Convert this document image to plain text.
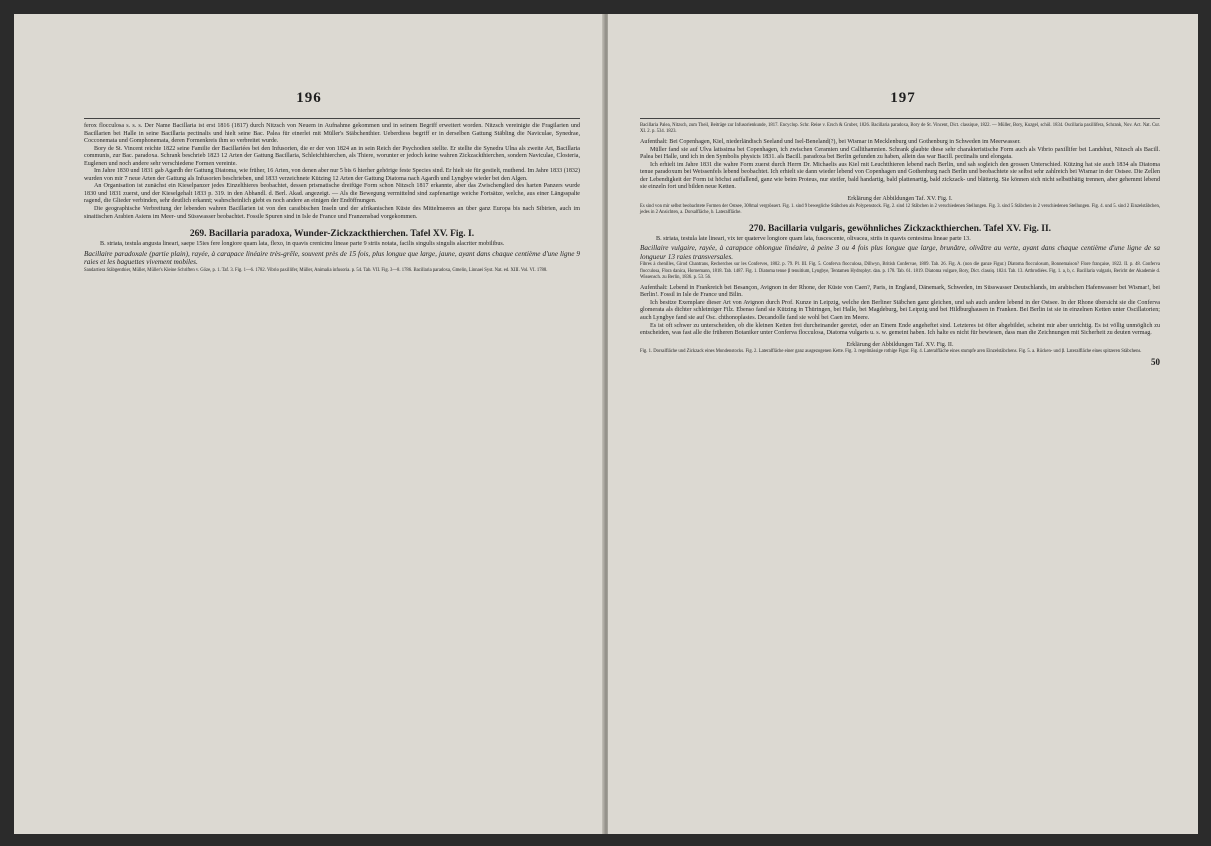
196

ferox flocculosa s. s. s. Der Name Bacillaria ist erst 1816 (1817) durch Nitzsch von Neuem in Aufnahme gekommen und in seinem Begriff erweitert worden. Nitzsch vereinigte die Fragilarien und Bacillarien bei Halle in seine Bacillaria pectinalis und hielt seine Bac. Palea für einerlei mit Müller's Stäbchenthier. Ueberdiess begriff er in derselben Gattung Stäbling die Naviculae, Synedrae, Cocconemata und Gomphonemata, deren Formenkreis ihm so verbreitet wurde.

Bory de St. Vincent reichte 1822 seine Familie der Bacillariées bei den Infusorien, die er der von 1824 an in sein Reich der Psychodien stellte. Er stellte die Synedra Ulna als zweite Art, Bacillaria communis, zur Bac. paradoxa. Schrank beschrieb 1823 12 Arten der Gattung Bacillaria, Schleichthierchen, als Thiere, worunter er jedoch keine wahren Zickzackthierchen, sondern Naviculae, Closteria, Euglenen und noch andere sehr verschiedene Formen vereinte.

Im Jahre 1830 und 1831 gab Agardh der Gattung Diatoma, wie früher, 16 Arten, von denen aber nur 5 bis 6 hierher gehörige feste Species sind. Er hielt sie für gestielt, muthend. Im Jahre 1833 (1832) wurden von mir 7 neue Arten der Gattung als Infusorien beschrieben, und 1833 verzeichnete Kützing 12 Arten der Gattung Diatoma nach Agardh und Lyngbye wieder bei den Algen.

An Organisation ist zunächst ein Kieselpanzer jedes Einzelthieres beobachtet, dessen prismatische dreifüge Form schon Nitzsch 1817 erkannte, aber das Zwischenglied des harten Panzers wurde 1830 und 1831 zuerst, und der Kieselgehalt 1833 p. 319. in den Abhandl. d. Berl. Akad. angezeigt. — Als die Bewegung vermittelnd sind zapfenartige weiche Fortsätze, welche, aus einer Längsspalte ragend, die Glieder verbinden, sehr deutlich erkannt; wahrscheinlich giebt es noch andere an einigen der Endöffnungen.

Die geographische Verbreitung der lebenden wahren Bacillarien ist von den caraibischen Inseln und der afrikanischen Küste des Mittelmeeres an über ganz Europa bis nach Sibirien, auch im sinaitischen Arabien Asiens im Meer- und Süsswasser beobachtet. Fossile Spuren sind in Isle de France und Franzensbad vorgekommen.

269. Bacillaria paradoxa, Wunder-Zickzackthierchen. Tafel XV. Fig. I.

B. striata, testula angusta lineari, saepe 15ies fere longiore quam lata, flexo, in quavis crenicinu lineae parte 9 striis notata, facilis singulis singulis alacriter mobilibus.

Bacillaire paradoxale (partie plain), rayée, à carapace linéaire très-grêle, souvent près de 15 fois, plus longue que large, jaune, ayant dans chaque centième d'une ligne 9 raies et les baguettes vivement mobiles.

Sandartiera Stäbgenthier, Müller, Müller's Kleine Schriften v. Göze, p. 1. Taf. 3. Fig. 1—6. 1782. Vibrio paxillifer, Müller, Animalia infusoria. p. 54. Tab. VII. Fig. 3—8. 1786. Bacillaria paradoxa, Gmelin, Linnaei Syst. Nat. ed. XIII. Vol. VI. 1788.

197

Bacillaria Palea, Nitzsch, zum Theil, Beiträge zur Infusorienkunde, 1817. Encyclop. Schr. Reise v. Ersch & Gruber, 1826. Bacillaria paradoxa, Bory de St. Vincent, Dict. classique, 1822. — Müller, Bory, Kuzgel, schöl. 1834. Oscillaria paxillifera, Schrank, Nov. Act. Nat. Cur. XI. 2. p. 534. 1823.

Aufenthalt: Bei Copenhagen, Kiel, niederländisch Seeland und Isel-Beneland(?), bei Wismar in Mecklenburg und Gothenburg in Schweden im Meerwasser.

Müller fand sie auf Ulva latissima bei Copenhagen, ich zwischen Ceramien und Callithamnien. Schrank glaubte diese sehr charakteristische Form auch als Vibrio paxillifer bei Landshut, Nitzsch als Bacill. Palea bei Halle, und ich in den Symbolis physicis 1831. als Bacill. paradoxa bei Berlin gefunden zu haben, allein das war Bacill. pectinalis und elongata.

Ich erhielt im Jahre 1831 die wahre Form zuerst durch Herrn Dr. Michaelis aus Kiel mit Leuchtthieren lebend nach Berlin, und sah sogleich den grossen Unterschied. Kützing hat sie auch 1834 als Diatoma tenue paradoxum bei Weissenfels lebend beobachtet. Ich erhielt sie dann wieder lebend von Copenhagen und Gothenburg nach Berlin und beobachtete sie selbst sehr zahlreich bei Wismar in der Ostsee. Die Zellen der Lebendigkeit der Form ist höchst auffallend, ganz wie beim Proteus, nur steifer, bald handartig, bald plattenartig, bald zickzack- und blätterig. Sie können sich nicht selbstthätig trennen, aber gehemmt lebend sie einzeln fort und bilden neue Ketten.

Erklärung der Abbildungen Taf. XV. Fig. I.

Es sind von mir selbst beobachtete Formen der Ostsee, 300mal vergrössert. Fig. 1. sind 9 bewegliche Stäbchen als Polypenstock. Fig. 2. sind 12 Stäbchen in 2 verschiedenen Stellungen. Fig. 3. sind 5 Stäbchen in 2 verschiedenen Stellungen. Fig. 4. und 5. sind 2 Einzelstäbchen, jedes in 2 Ansichten, a. Dorsalfläche, b. Lateralfläche.

270. Bacillaria vulgaris, gewöhnliches Zickzackthierchen. Tafel XV. Fig. II.

B. striata, testula late lineari, vix ter quaterve longiore quam lata, fuscescente, olivacea, striis in quavis centesima lineae parte 13.

Bacillaire vulgaire, rayée, à carapace oblongue linéaire, à peine 3 ou 4 fois plus longue que large, brunâtre, olivâtre au verte, ayant dans chaque centième d'une ligne de sa longueur 13 raies transversales.

Fibres à chenilles, Girod Chantrans, Recherches sur les Conferves, 1802. p. 79. Pl. III. Fig. 5. Conferva flocculosa, Dillwyn, British Confervae, 1809. Tab. 26. Fig. A. (non die ganze Figur.) Diatoma flocculosum, Bonnemaison? Flore française, 1822. II. p. 48. Conferva flocculosa, Flora danica, Hornemann, 1818. Tab. 1487. Fig. 1. Diatoma tenue β tenuitium, Lyngbye, Tentamen Hydrophyt. dan. p. 178. Tab. 61. 1819. Diatoma vulgare, Bory, Dict. classiq. 1824. Tab. 13. Arthrodiées. Fig. 1. a, b, c. Bacillaria vulgaris, Bericht der Akademie d. Wissensch. zu Berlin, 1836. p. 53. 56.

Aufenthalt: Lebend in Frankreich bei Besançon, Avignon in der Rhone, der Küste von Caen?, Paris, in England, Dänemark, Schweden, im Süsswasser Deutschlands, im arabischen Hafenwasser bei Wismar!, bei Berlin!. Fossil in Isle de France und Bilin.

Ich besitze Exemplare dieser Art von Avignon durch Prof. Kunze in Leipzig, welche den Berliner Stäbchen ganz gleichen, und sah auch andere lebend in der Ostsee. In der Rhone übersicht sie die Conferva glomerata als dichter schleimiger Filz. Ebenso fand sie Kützing in Thüringen, bei Halle, bei Magdeburg, bei Leipzig und bei Hildburghausen in Franken. Bei Berlin ist sie in einzelnen Ketten unter Oscillatorien; auch Lyngbye fand sie auf Osc. chthonoplastes. Decandolle fand sie wohl bei Caen im Meere.

Es ist oft schwer zu unterscheiden, ob die kleinen Ketten frei durcheinander gereizt, oder an Einem Ende angeheftet sind. Letzteres ist öfter abgebildet, scheint mir aber unrichtig. Es ist völlig unmöglich zu entscheiden, was fast alle die früheren Botaniker unter Conferva flocculosa, Diatoma vulgaris u. s. w. gemeint haben. Ich halte es nicht für bewiesen, dass man die Zeichnungen mit Sicherheit zu deuten vermag.

Erklärung der Abbildungen Taf. XV. Fig. II.

Fig. 1. Dorsalfläche und Zickzack eines Mondenstocks. Fig. 2. Lateralfläche einer ganz ausgezogenen Kette. Fig. 3. regelmässige rothige Figur. Fig. 4. Lateralfläche eines stumpfe aren Einzelstäbchens. Fig. 5. a. Rücken- und β. Lateralfläche eines spitzeren Stäbchens.

50
